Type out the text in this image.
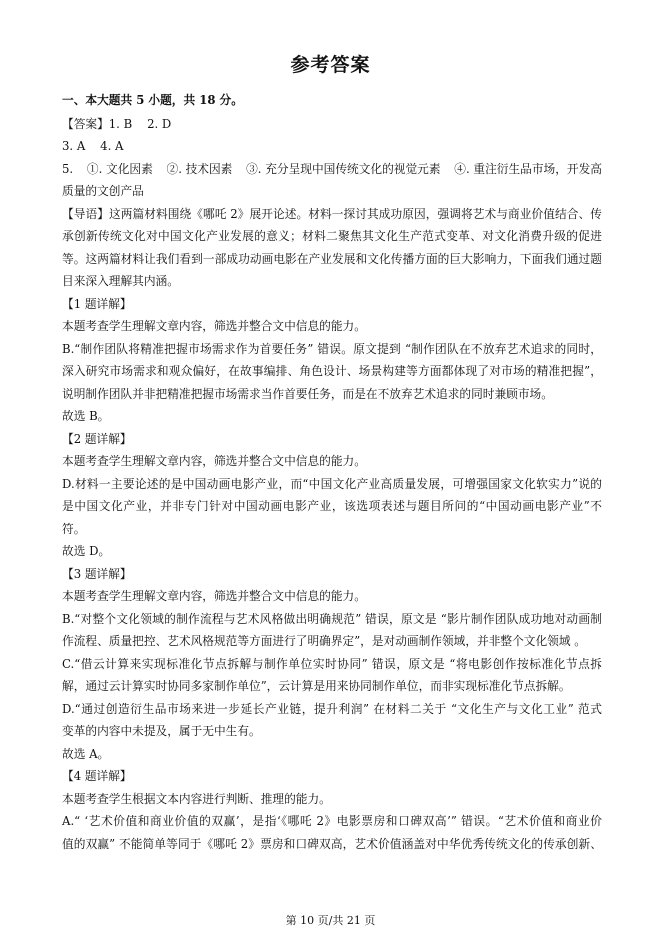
参考答案
一、本大题共 5 小题，共 18 分。
【答案】1. B    2. D
3. A    4. A
5. ①. 文化因素 ②. 技术因素 ③. 充分呈现中国传统文化的视觉元素 ④. 重注衍生品市场，开发高
质量的文创产品
【导语】这两篇材料围绕《哪吒 2》展开论述。材料一探讨其成功原因，强调将艺术与商业价值结合、传
承创新传统文化对中国文化产业发展的意义；材料二聚焦其文化生产范式变革、对文化消费升级的促进
等。这两篇材料让我们看到一部成功动画电影在产业发展和文化传播方面的巨大影响力，下面我们通过题
目来深入理解其内涵。
【1 题详解】
本题考查学生理解文章内容，筛选并整合文中信息的能力。
B.“制作团队将精准把握市场需求作为首要任务” 错误。原文提到 “制作团队在不放弃艺术追求的同时，
深入研究市场需求和观众偏好，在故事编排、角色设计、场景构建等方面都体现了对市场的精准把握”，
说明制作团队并非把精准把握市场需求当作首要任务，而是在不放弃艺术追求的同时兼顾市场。
故选 B。
【2 题详解】
本题考查学生理解文章内容，筛选并整合文中信息的能力。
D.材料一主要论述的是中国动画电影产业，而“中国文化产业高质量发展，可增强国家文化软实力”说的
是中国文化产业，并非专门针对中国动画电影产业，该选项表述与题目所问的“中国动画电影产业”不
符。
故选 D。
【3 题详解】
本题考查学生理解文章内容，筛选并整合文中信息的能力。
B.“对整个文化领域的制作流程与艺术风格做出明确规范” 错误，原文是 “影片制作团队成功地对动画制
作流程、质量把控、艺术风格规范等方面进行了明确界定”，是对动画制作领域，并非整个文化领域 。
C.“借云计算来实现标准化节点拆解与制作单位实时协同” 错误，原文是 “将电影创作按标准化节点拆
解，通过云计算实时协同多家制作单位”，云计算是用来协同制作单位，而非实现标准化节点拆解。
D.“通过创造衍生品市场来进一步延长产业链，提升利润” 在材料二关于 “文化生产与文化工业” 范式
变革的内容中未提及，属于无中生有。
故选 A。
【4 题详解】
本题考查学生根据文本内容进行判断、推理的能力。
A.“ ‘艺术价值和商业价值的双赢’，是指‘《哪吒 2》电影票房和口碑双高’” 错误。“艺术价值和商业价
值的双赢” 不能简单等同于《哪吒 2》票房和口碑双高，艺术价值涵盖对中华优秀传统文化的传承创新、
第 10 页/共 21 页
